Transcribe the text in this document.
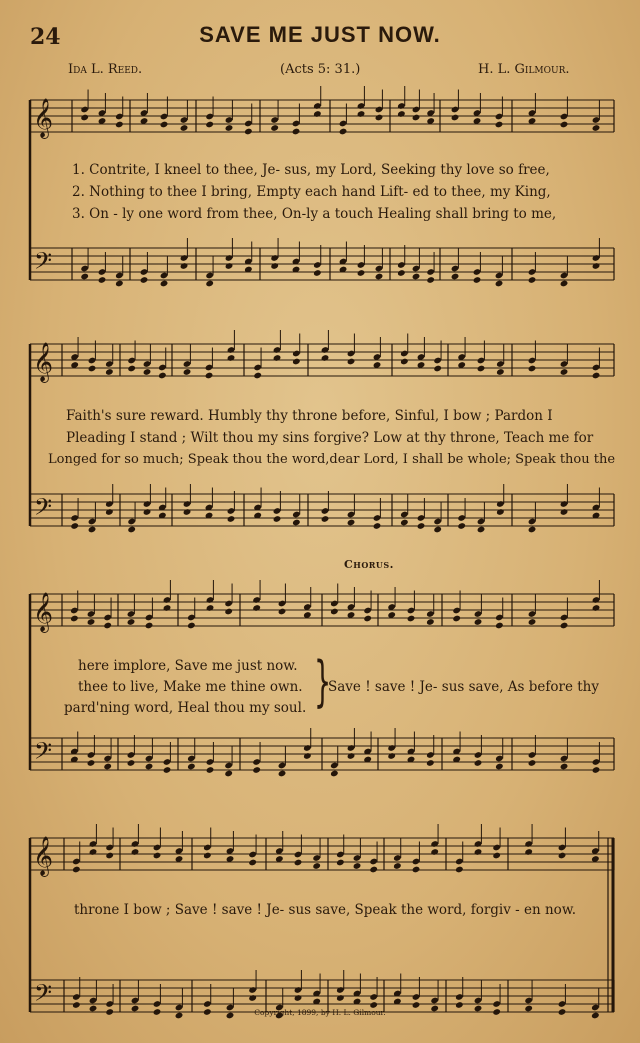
24	SAVE ME JUST NOW.
Ida L. Reed.	(Acts 5: 31.)	H. L. Gilmour.
𝄞
𝄢
𝄞
𝄢
𝄞
𝄢
𝄞
𝄢
1. Contrite, I kneel to thee, Je- sus, my Lord, Seeking thy love so free,
2. Nothing to thee I bring, Empty each hand Lift- ed to thee, my King,
3. On - ly one word from thee, On-ly a touch Healing shall bring to me,
Faith's sure reward. Humbly thy throne before, Sinful, I bow ; Pardon I
Pleading I stand ; Wilt thou my sins forgive? Low at thy throne, Teach me for
Longed for so much; Speak thou the word,dear Lord, I shall be whole; Speak thou the
Chorus.
here implore, Save me just now.
thee to live, Make me thine own.
pard'ning word, Heal thou my soul. }
Save ! save ! Je- sus save, As before thy
throne I bow ; Save ! save ! Je- sus save, Speak the word, forgiv - en now.
Copyright, 1899, by H. L. Gilmour.
